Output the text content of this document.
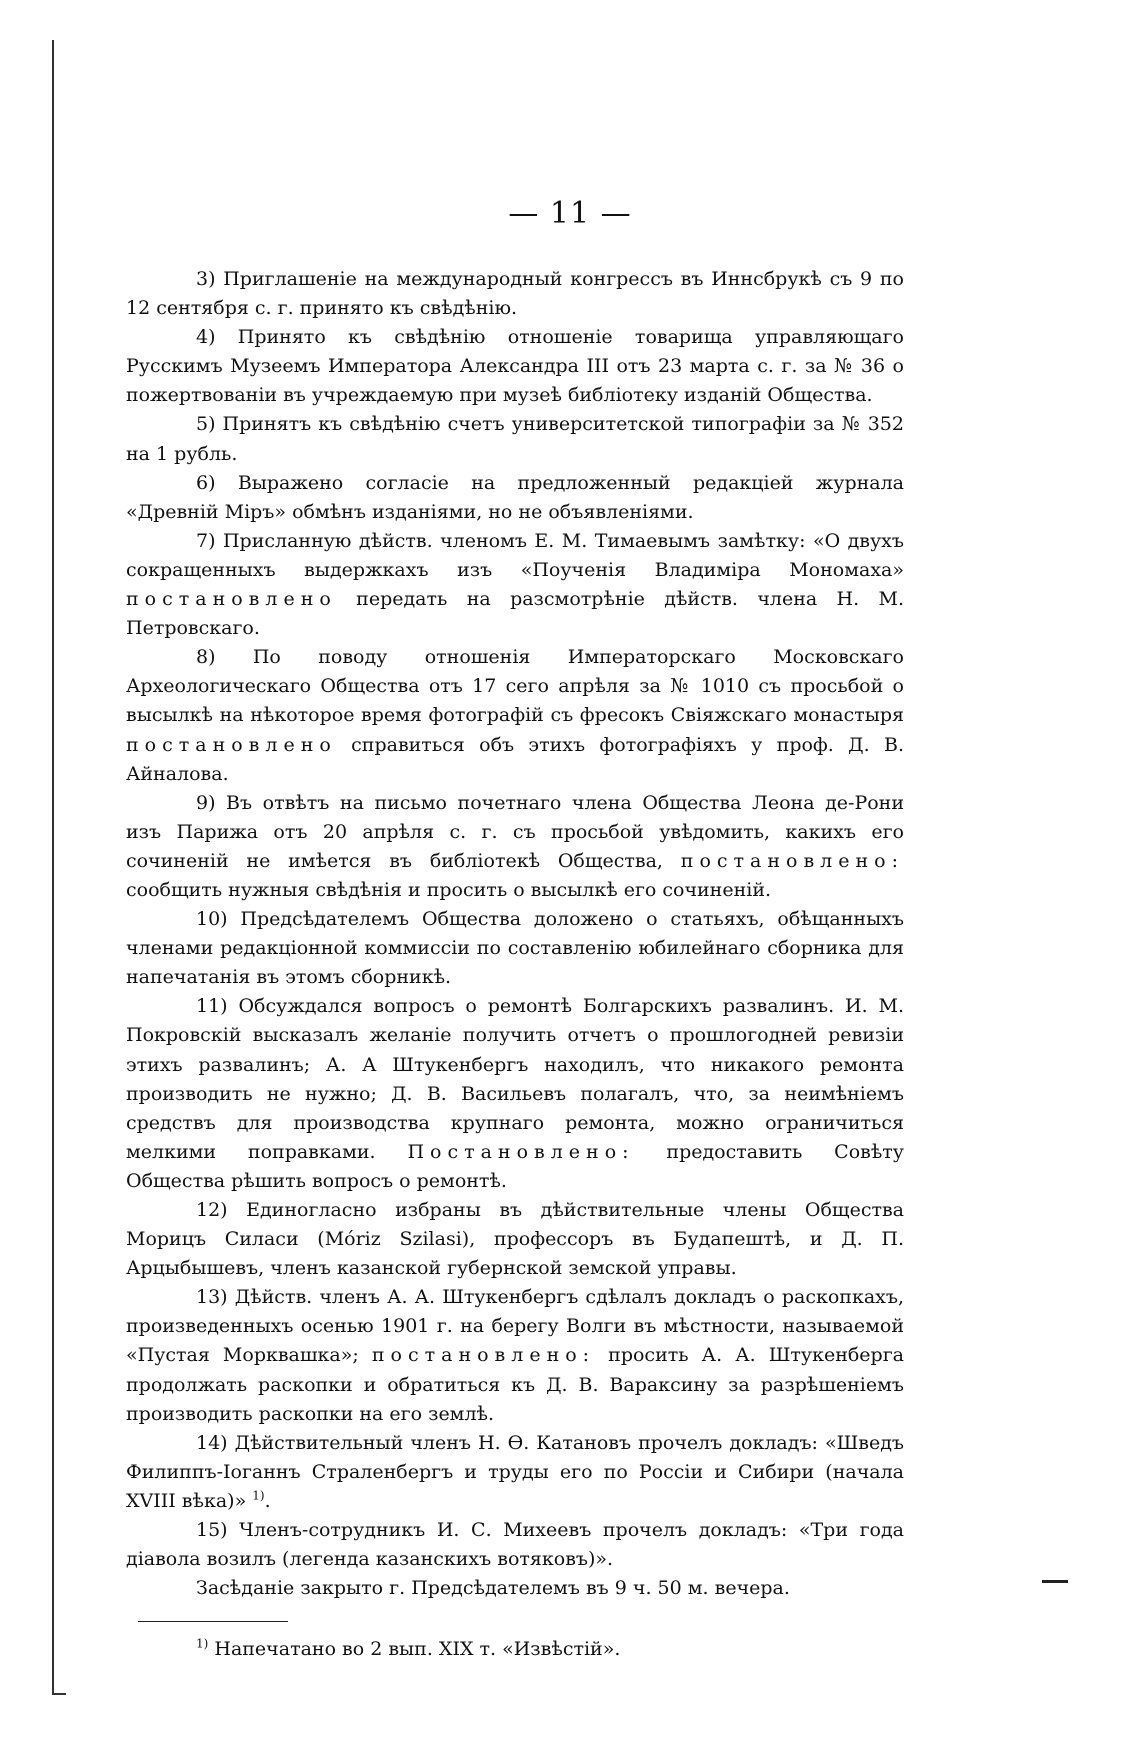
— 11 —

3) Приглашеніе на международный конгрессъ въ Иннсбрукѣ съ 9 по 12 сентября с. г. принято къ свѣдѣнію.

4) Принято къ свѣдѣнію отношеніе товарища управляющаго Русскимъ Музеемъ Императора Александра III отъ 23 марта с. г. за № 36 о пожертвованіи въ учреждаемую при музеѣ библіотеку изданій Общества.

5) Принятъ къ свѣдѣнію счетъ университетской типографіи за № 352 на 1 рубль.

6) Выражено согласіе на предложенный редакціей журнала «Древній Міръ» обмѣнъ изданіями, но не объявленіями.

7) Присланную дѣйств. членомъ Е. М. Тимаевымъ замѣтку: «О двухъ сокращенныхъ выдержкахъ изъ «Поученія Владиміра Мономаха» постановлено передать на разсмотрѣніе дѣйств. члена Н. М. Петровскаго.

8) По поводу отношенія Императорскаго Московскаго Археологическаго Общества отъ 17 сего апрѣля за № 1010 съ просьбой о высылкѣ на нѣкоторое время фотографій съ фресокъ Свіяжскаго монастыря постановлено справиться объ этихъ фотографіяхъ у проф. Д. В. Айналова.

9) Въ отвѣтъ на письмо почетнаго члена Общества Леона де-Рони изъ Парижа отъ 20 апрѣля с. г. съ просьбой увѣдомить, какихъ его сочиненій не имѣется въ библіотекѣ Общества, постановлено: сообщить нужныя свѣдѣнія и просить о высылкѣ его сочиненій.

10) Предсѣдателемъ Общества доложено о статьяхъ, обѣщанныхъ членами редакціонной коммиссіи по составленію юбилейнаго сборника для напечатанія въ этомъ сборникѣ.

11) Обсуждался вопросъ о ремонтѣ Болгарскихъ развалинъ. И. М. Покровскій высказалъ желаніе получить отчетъ о прошлогодней ревизіи этихъ развалинъ; А. А Штукенбергъ находилъ, что никакого ремонта производить не нужно; Д. В. Васильевъ полагалъ, что, за неимѣніемъ средствъ для производства крупнаго ремонта, можно ограничиться мелкими поправками. Постановлено: предоставить Совѣту Общества рѣшить вопросъ о ремонтѣ.

12) Единогласно избраны въ дѣйствительные члены Общества Морицъ Силаси (Móriz Szilasi), профессоръ въ Будапештѣ, и Д. П. Арцыбышевъ, членъ казанской губернской земской управы.

13) Дѣйств. членъ А. А. Штукенбергъ сдѣлалъ докладъ о раскопкахъ, произведенныхъ осенью 1901 г. на берегу Волги въ мѣстности, называемой «Пустая Морквашка»; постановлено: просить А. А. Штукенберга продолжать раскопки и обратиться къ Д. В. Вараксину за разрѣшеніемъ производить раскопки на его землѣ.

14) Дѣйствительный членъ Н. Ѳ. Катановъ прочелъ докладъ: «Шведъ Филиппъ-Іоганнъ Страленбергъ и труды его по Россіи и Сибири (начала XVIII вѣка)» $^{1)}$.

15) Членъ-сотрудникъ И. С. Михеевъ прочелъ докладъ: «Три года діавола возилъ (легенда казанскихъ вотяковъ)».

Засѣданіе закрыто г. Предсѣдателемъ въ 9 ч. 50 м. вечера.

$^{1)}$ Напечатано во 2 вып. XIX т. «Извѣстій».
